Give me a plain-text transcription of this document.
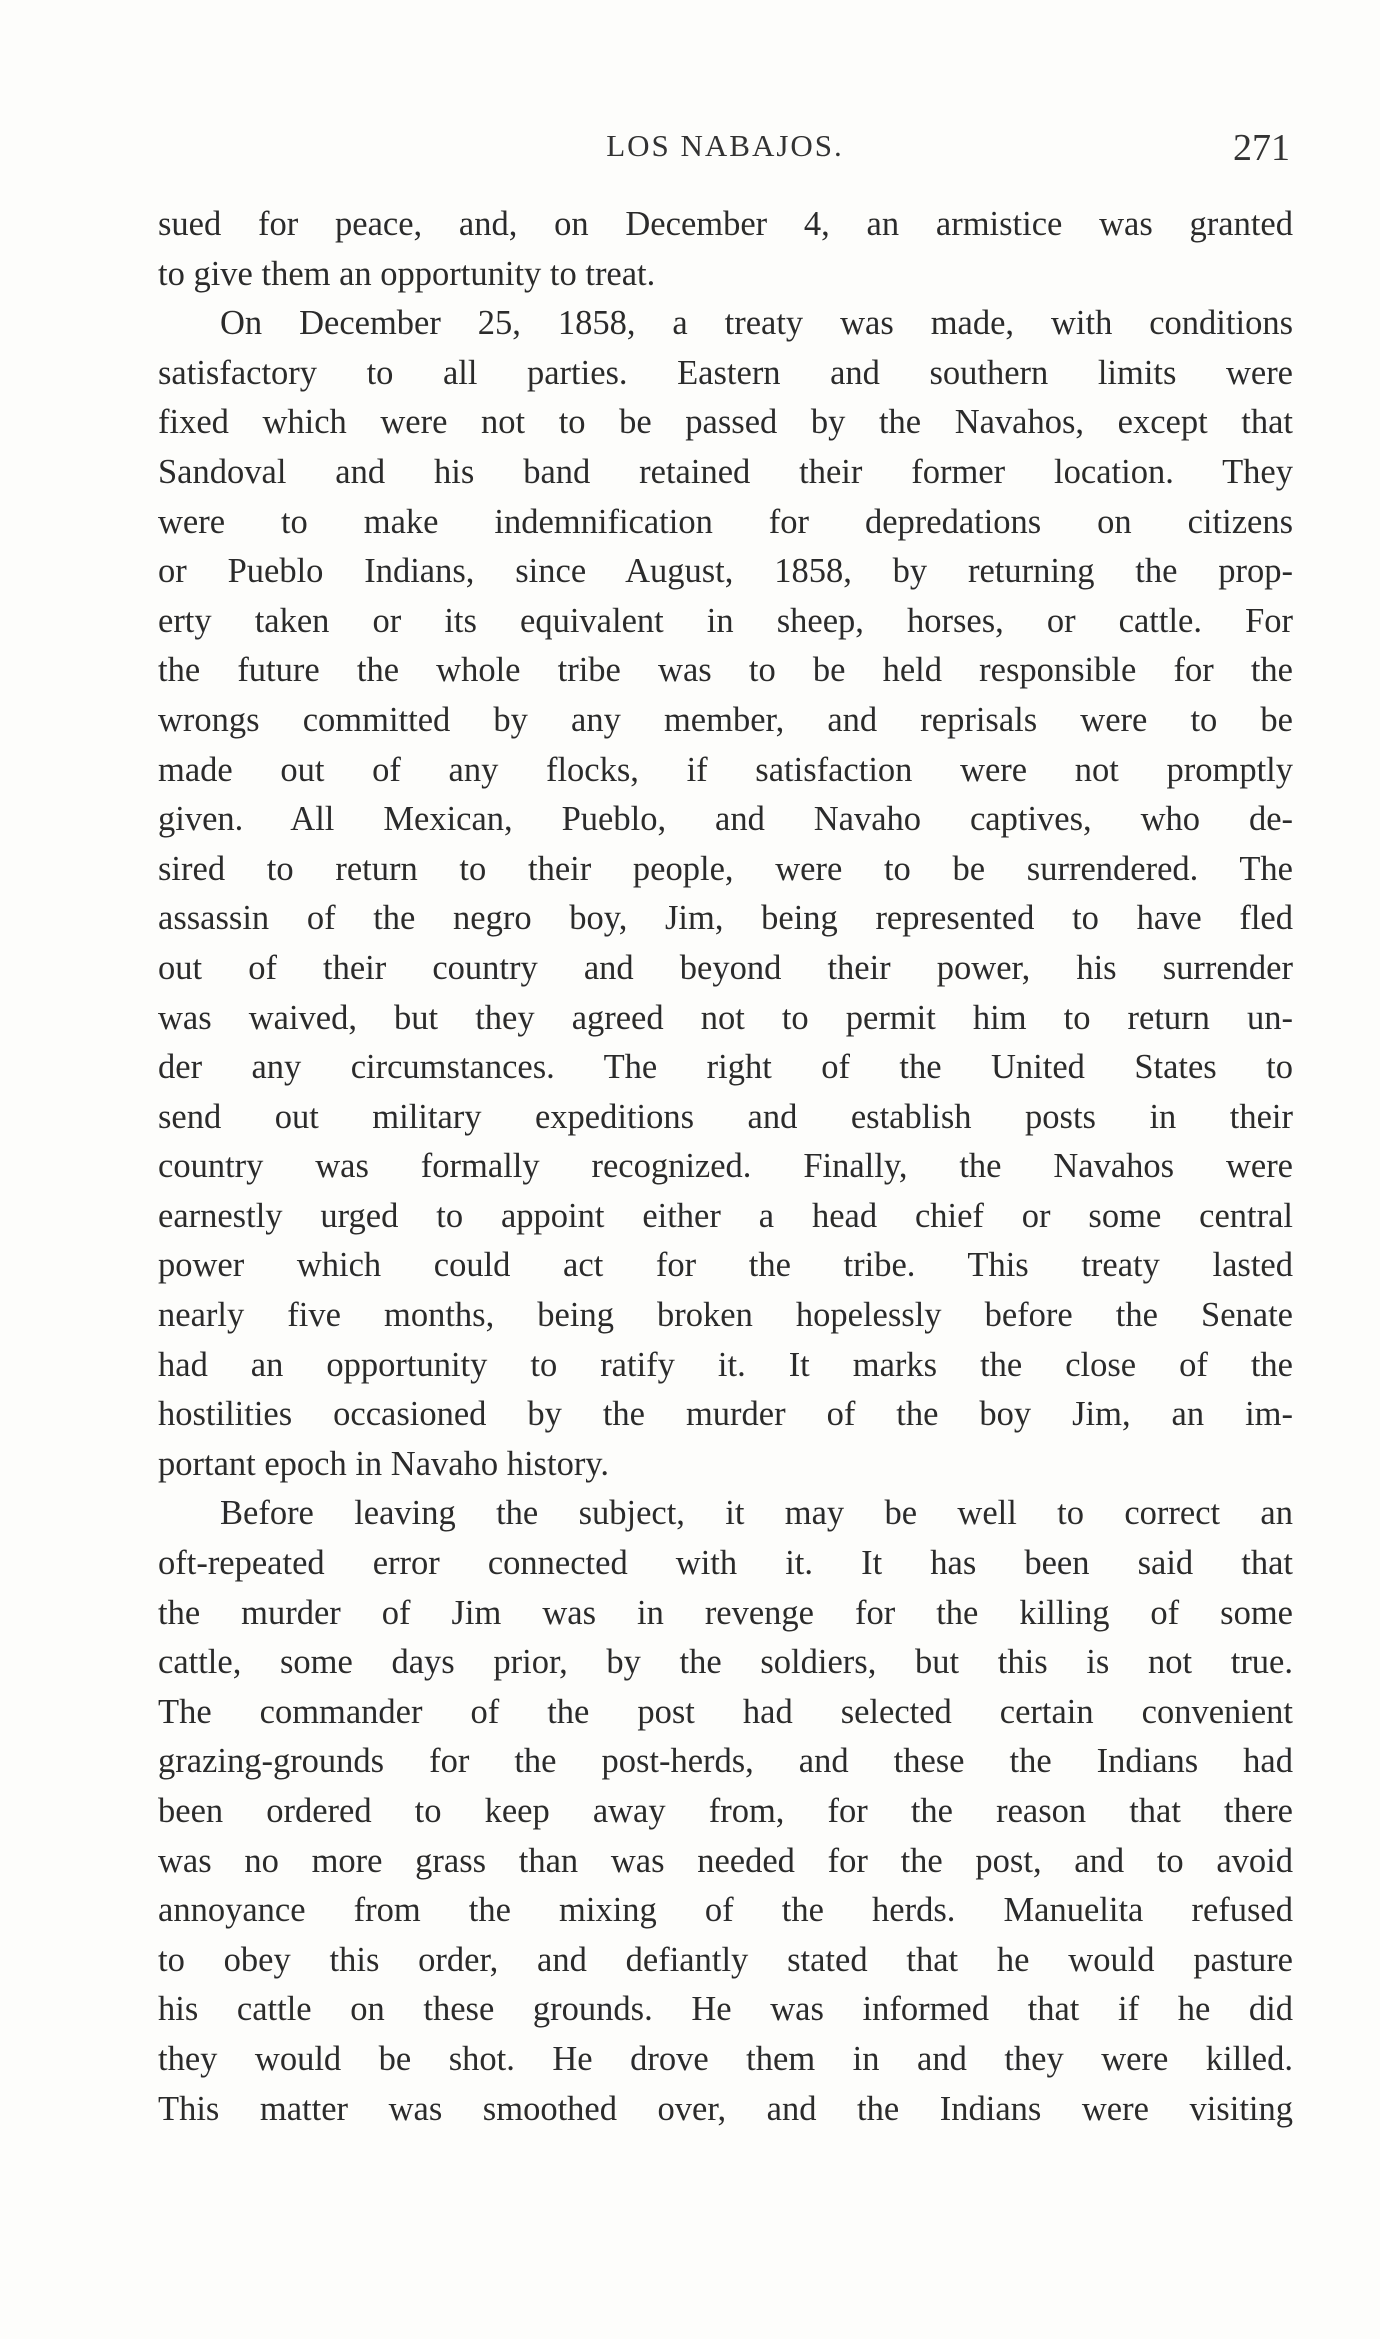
LOS NABAJOS.	271
sued for peace, and, on December 4, an armistice was granted
to give them an opportunity to treat.
On December 25, 1858, a treaty was made, with conditions
satisfactory to all parties. Eastern and southern limits were
fixed which were not to be passed by the Navahos, except that
Sandoval and his band retained their former location. They
were to make indemnification for depredations on citizens
or Pueblo Indians, since August, 1858, by returning the prop-
erty taken or its equivalent in sheep, horses, or cattle. For
the future the whole tribe was to be held responsible for the
wrongs committed by any member, and reprisals were to be
made out of any flocks, if satisfaction were not promptly
given. All Mexican, Pueblo, and Navaho captives, who de-
sired to return to their people, were to be surrendered. The
assassin of the negro boy, Jim, being represented to have fled
out of their country and beyond their power, his surrender
was waived, but they agreed not to permit him to return un-
der any circumstances. The right of the United States to
send out military expeditions and establish posts in their
country was formally recognized. Finally, the Navahos were
earnestly urged to appoint either a head chief or some central
power which could act for the tribe. This treaty lasted
nearly five months, being broken hopelessly before the Senate
had an opportunity to ratify it. It marks the close of the
hostilities occasioned by the murder of the boy Jim, an im-
portant epoch in Navaho history.
Before leaving the subject, it may be well to correct an
oft-repeated error connected with it. It has been said that
the murder of Jim was in revenge for the killing of some
cattle, some days prior, by the soldiers, but this is not true.
The commander of the post had selected certain convenient
grazing-grounds for the post-herds, and these the Indians had
been ordered to keep away from, for the reason that there
was no more grass than was needed for the post, and to avoid
annoyance from the mixing of the herds. Manuelita refused
to obey this order, and defiantly stated that he would pasture
his cattle on these grounds. He was informed that if he did
they would be shot. He drove them in and they were killed.
This matter was smoothed over, and the Indians were visiting
